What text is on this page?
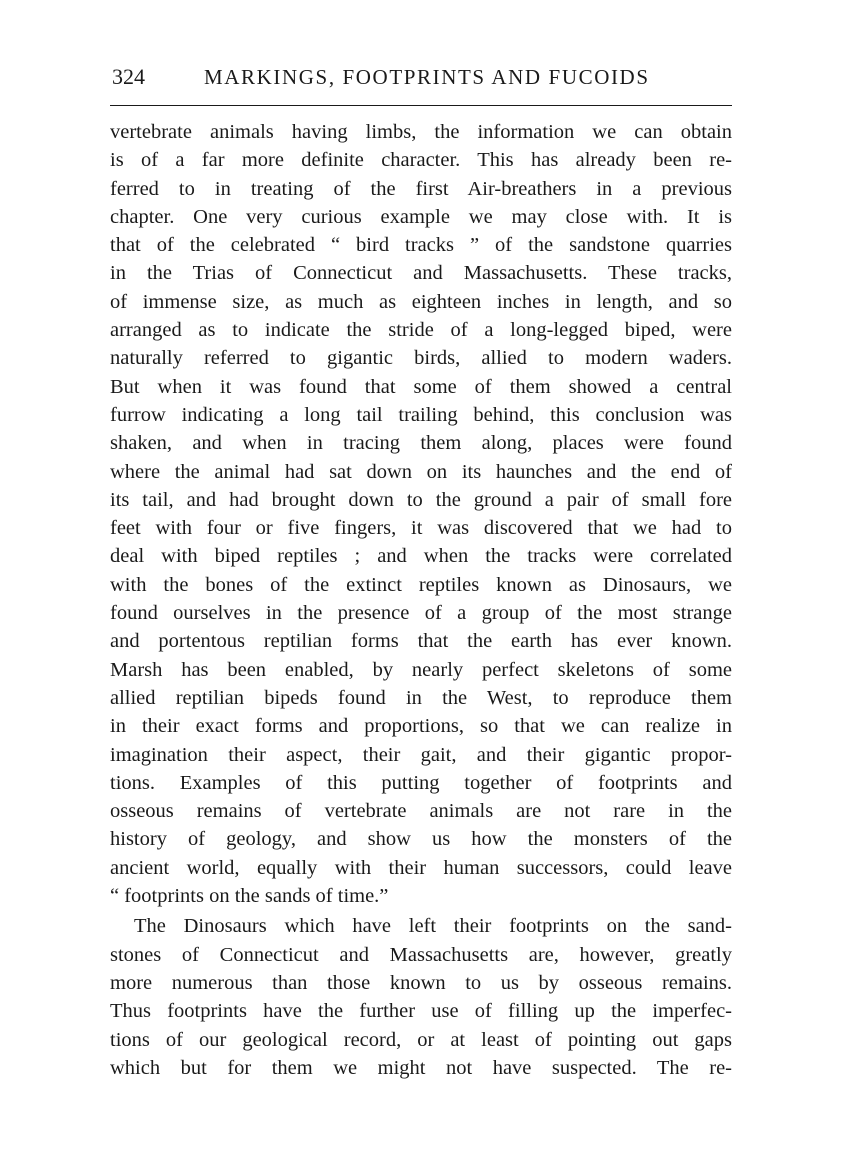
324	MARKINGS, FOOTPRINTS AND FUCOIDS
vertebrate animals having limbs, the information we can obtain
is of a far more definite character. This has already been re-
ferred to in treating of the first Air-breathers in a previous
chapter. One very curious example we may close with. It is
that of the celebrated “ bird tracks ” of the sandstone quarries
in the Trias of Connecticut and Massachusetts. These tracks,
of immense size, as much as eighteen inches in length, and so
arranged as to indicate the stride of a long-legged biped, were
naturally referred to gigantic birds, allied to modern waders.
But when it was found that some of them showed a central
furrow indicating a long tail trailing behind, this conclusion was
shaken, and when in tracing them along, places were found
where the animal had sat down on its haunches and the end of
its tail, and had brought down to the ground a pair of small fore
feet with four or five fingers, it was discovered that we had to
deal with biped reptiles ; and when the tracks were correlated
with the bones of the extinct reptiles known as Dinosaurs, we
found ourselves in the presence of a group of the most strange
and portentous reptilian forms that the earth has ever known.
Marsh has been enabled, by nearly perfect skeletons of some
allied reptilian bipeds found in the West, to reproduce them
in their exact forms and proportions, so that we can realize in
imagination their aspect, their gait, and their gigantic propor-
tions. Examples of this putting together of footprints and
osseous remains of vertebrate animals are not rare in the
history of geology, and show us how the monsters of the
ancient world, equally with their human successors, could leave
“ footprints on the sands of time.”
The Dinosaurs which have left their footprints on the sand-
stones of Connecticut and Massachusetts are, however, greatly
more numerous than those known to us by osseous remains.
Thus footprints have the further use of filling up the imperfec-
tions of our geological record, or at least of pointing out gaps
which but for them we might not have suspected. The re-
